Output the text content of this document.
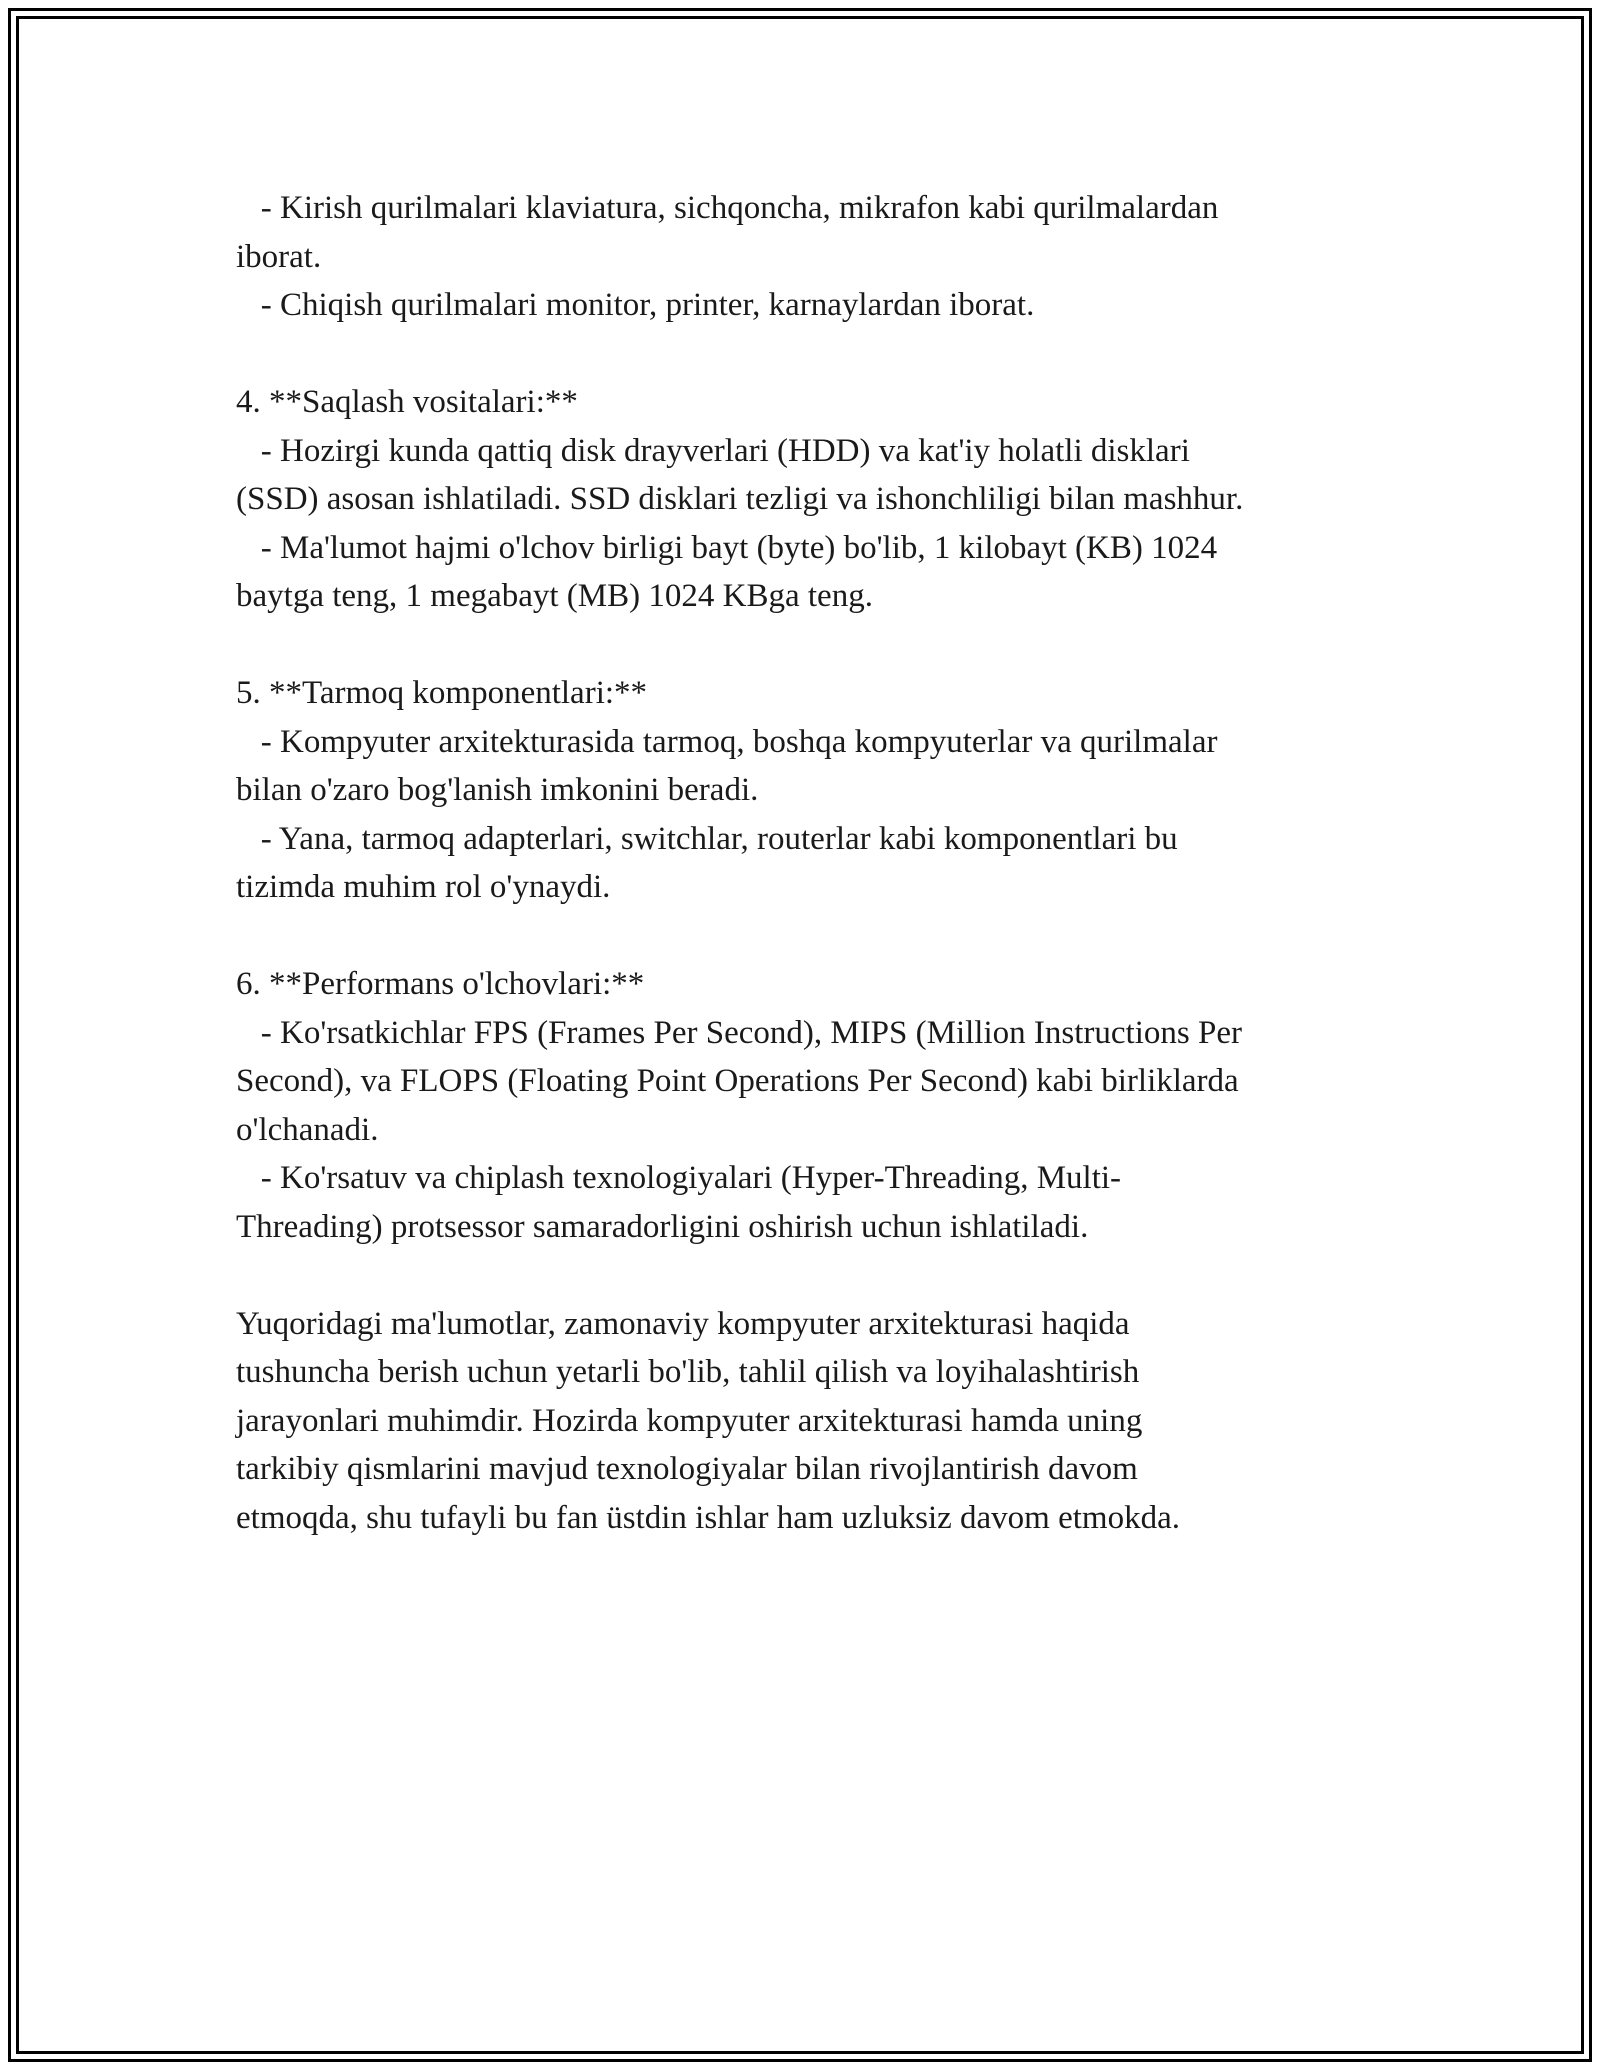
- Kirish qurilmalari klaviatura, sichqoncha, mikrafon kabi qurilmalardan

iborat.

- Chiqish qurilmalari monitor, printer, karnaylardan iborat.

4. **Saqlash vositalari:**

- Hozirgi kunda qattiq disk drayverlari (HDD) va kat'iy holatli disklari

(SSD) asosan ishlatiladi. SSD disklari tezligi va ishonchliligi bilan mashhur.

- Ma'lumot hajmi o'lchov birligi bayt (byte) bo'lib, 1 kilobayt (KB) 1024

baytga teng, 1 megabayt (MB) 1024 KBga teng.

5. **Tarmoq komponentlari:**

- Kompyuter arxitekturasida tarmoq, boshqa kompyuterlar va qurilmalar

bilan o'zaro bog'lanish imkonini beradi.

- Yana, tarmoq adapterlari, switchlar, routerlar kabi komponentlari bu

tizimda muhim rol o'ynaydi.

6. **Performans o'lchovlari:**

- Ko'rsatkichlar FPS (Frames Per Second), MIPS (Million Instructions Per

Second), va FLOPS (Floating Point Operations Per Second) kabi birliklarda

o'lchanadi.

- Ko'rsatuv va chiplash texnologiyalari (Hyper-Threading, Multi-

Threading) protsessor samaradorligini oshirish uchun ishlatiladi.

Yuqoridagi ma'lumotlar, zamonaviy kompyuter arxitekturasi haqida

tushuncha berish uchun yetarli bo'lib, tahlil qilish va loyihalashtirish

jarayonlari muhimdir. Hozirda kompyuter arxitekturasi hamda uning

tarkibiy qismlarini mavjud texnologiyalar bilan rivojlantirish davom

etmoqda, shu tufayli bu fan üstdin ishlar ham uzluksiz davom etmokda.
